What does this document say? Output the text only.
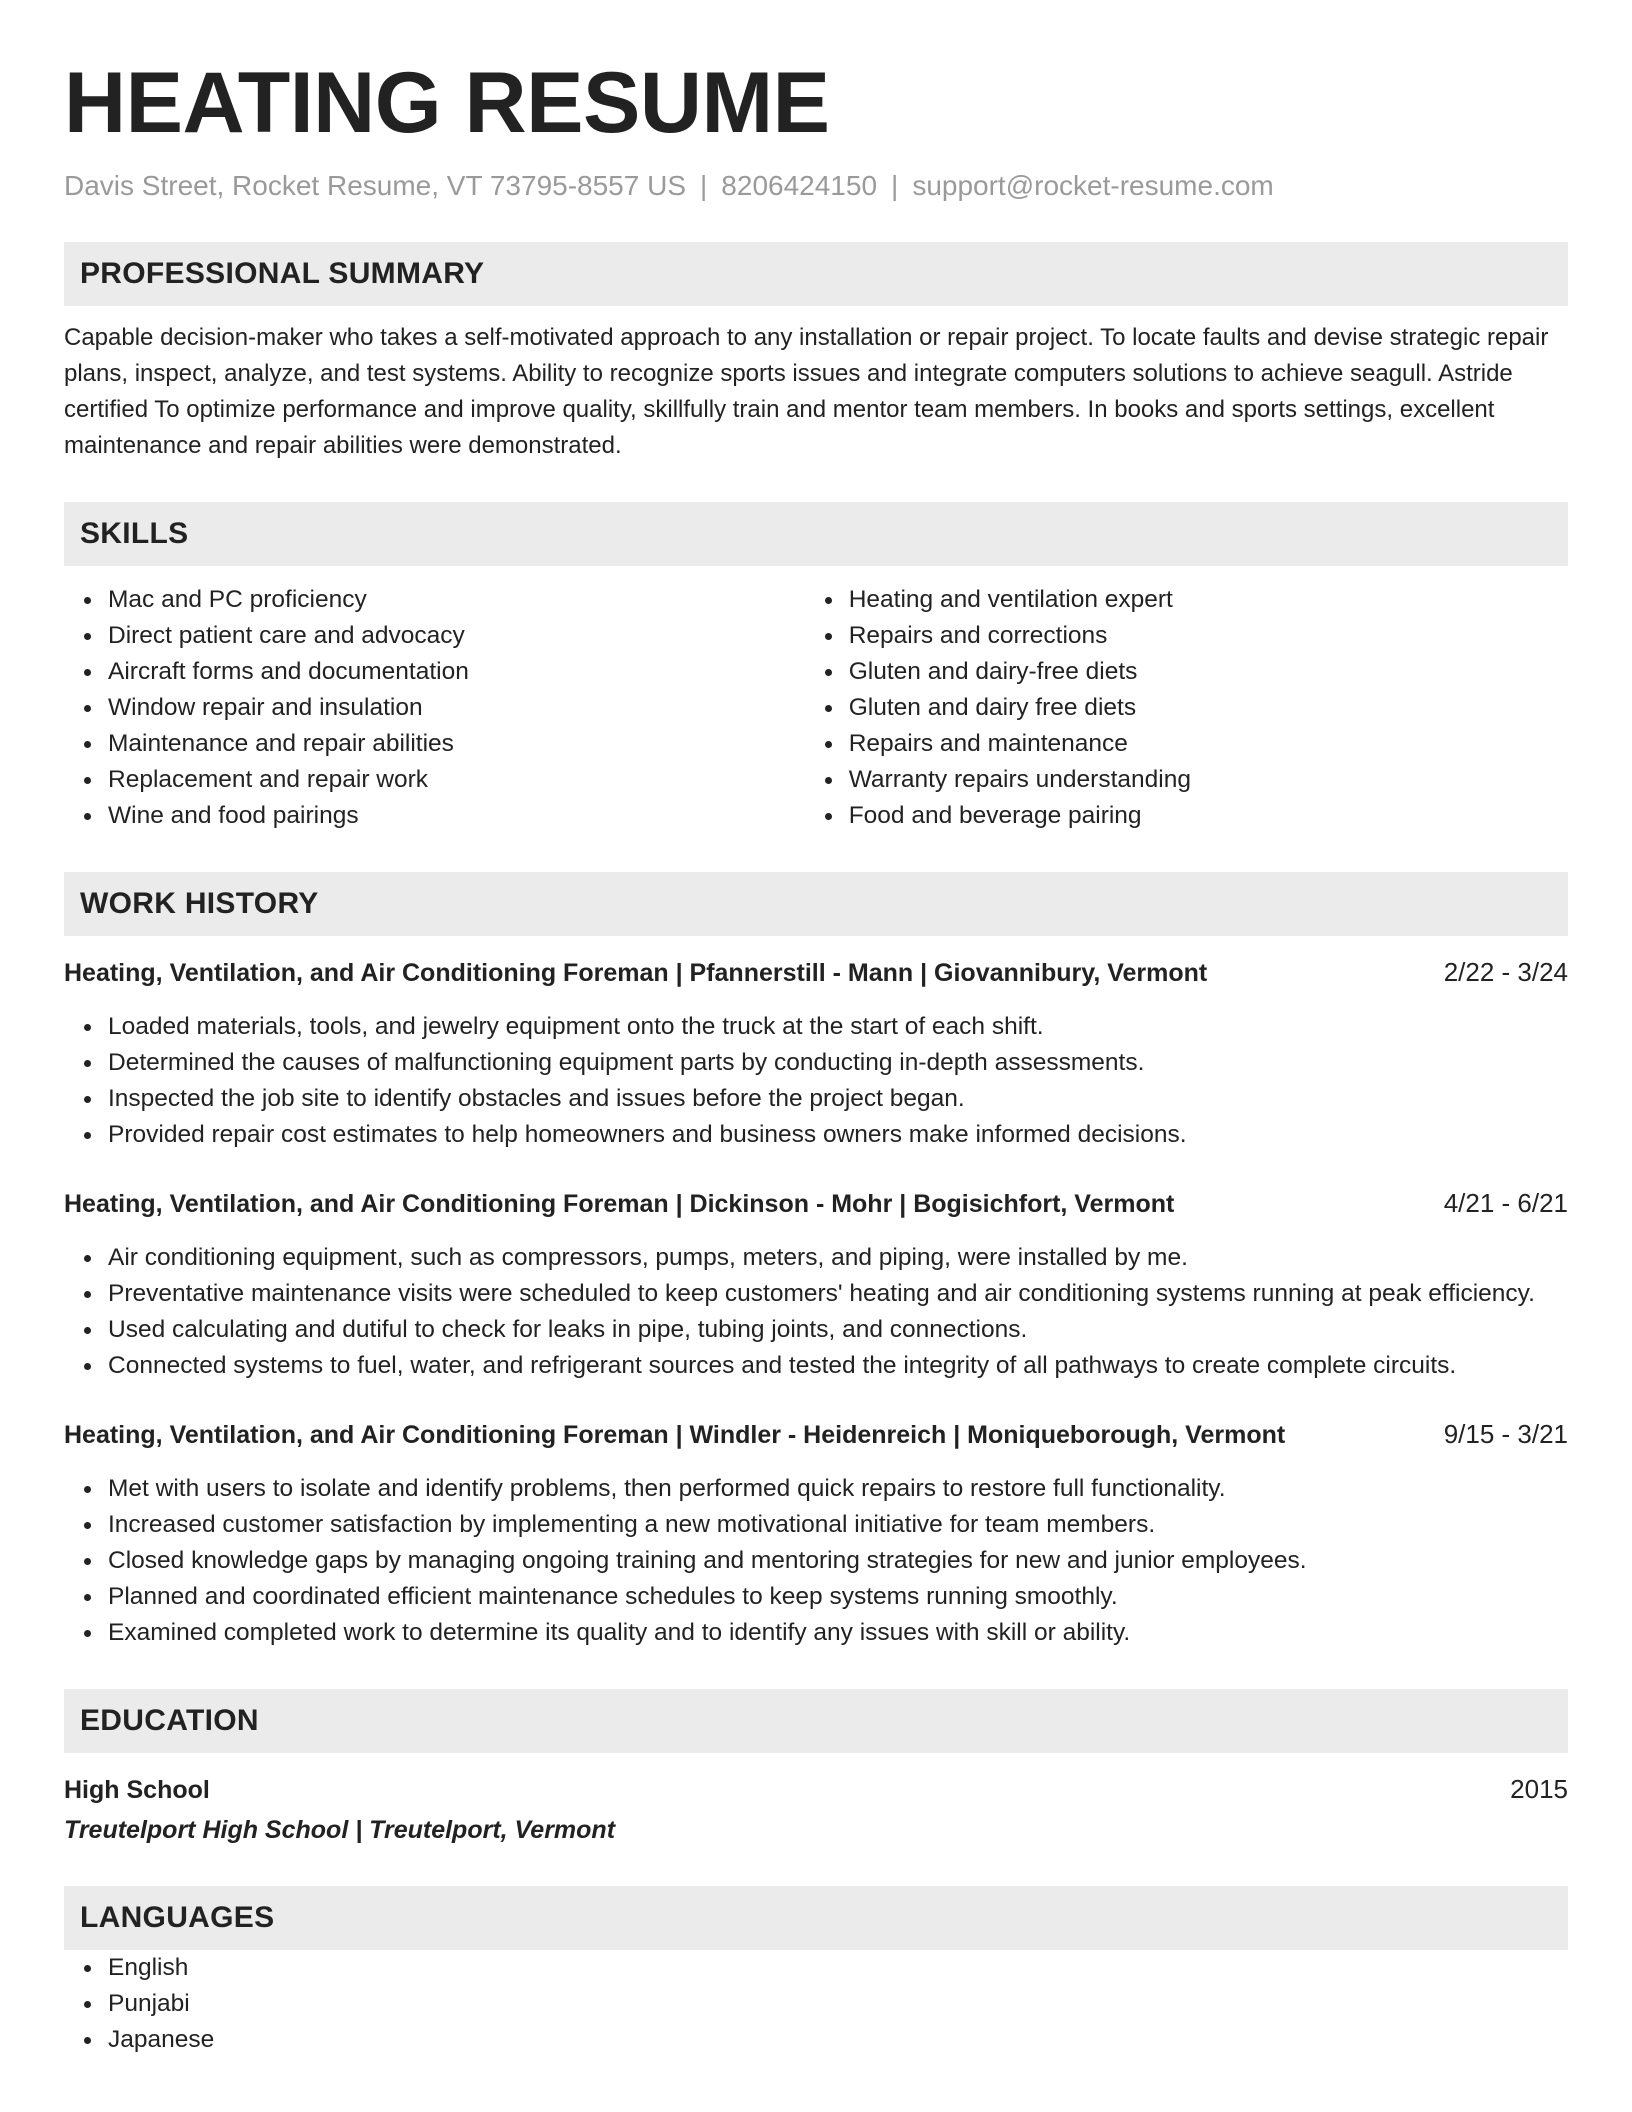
HEATING RESUME
Davis Street, Rocket Resume, VT 73795-8557 US | 8206424150 | support@rocket-resume.com
PROFESSIONAL SUMMARY

Capable decision-maker who takes a self-motivated approach to any installation or repair project. To locate faults and devise strategic repair plans, inspect, analyze, and test systems. Ability to recognize sports issues and integrate computers solutions to achieve seagull. Astride certified To optimize performance and improve quality, skillfully train and mentor team members. In books and sports settings, excellent maintenance and repair abilities were demonstrated.

SKILLS
Mac and PC proficiency
Direct patient care and advocacy
Aircraft forms and documentation
Window repair and insulation
Maintenance and repair abilities
Replacement and repair work
Wine and food pairings
Heating and ventilation expert
Repairs and corrections
Gluten and dairy-free diets
Gluten and dairy free diets
Repairs and maintenance
Warranty repairs understanding
Food and beverage pairing
WORK HISTORY
Heating, Ventilation, and Air Conditioning Foreman | Pfannerstill - Mann | Giovannibury, Vermont	2/22 - 3/24
Loaded materials, tools, and jewelry equipment onto the truck at the start of each shift.
Determined the causes of malfunctioning equipment parts by conducting in-depth assessments.
Inspected the job site to identify obstacles and issues before the project began.
Provided repair cost estimates to help homeowners and business owners make informed decisions.
Heating, Ventilation, and Air Conditioning Foreman | Dickinson - Mohr | Bogisichfort, Vermont	4/21 - 6/21
Air conditioning equipment, such as compressors, pumps, meters, and piping, were installed by me.
Preventative maintenance visits were scheduled to keep customers' heating and air conditioning systems running at peak efficiency.
Used calculating and dutiful to check for leaks in pipe, tubing joints, and connections.
Connected systems to fuel, water, and refrigerant sources and tested the integrity of all pathways to create complete circuits.
Heating, Ventilation, and Air Conditioning Foreman | Windler - Heidenreich | Moniqueborough, Vermont	9/15 - 3/21
Met with users to isolate and identify problems, then performed quick repairs to restore full functionality.
Increased customer satisfaction by implementing a new motivational initiative for team members.
Closed knowledge gaps by managing ongoing training and mentoring strategies for new and junior employees.
Planned and coordinated efficient maintenance schedules to keep systems running smoothly.
Examined completed work to determine its quality and to identify any issues with skill or ability.
EDUCATION
High School	2015
Treutelport High School | Treutelport, Vermont
LANGUAGES
English
Punjabi
Japanese
